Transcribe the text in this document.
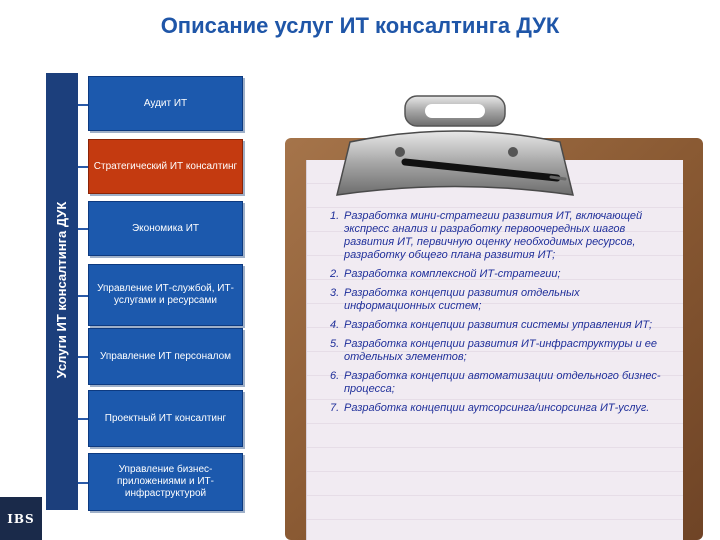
Описание услуг ИТ консалтинга ДУК
Услуги ИТ консалтинга ДУК
Аудит ИТ
Стратегический ИТ консалтинг
Экономика ИТ
Управление ИТ-службой, ИТ-услугами и ресурсами
Управление ИТ персоналом
Проектный ИТ консалтинг
Управление бизнес-приложениями и ИТ-инфраструктурой
1. Разработка мини-стратегии развития ИТ, включающей экспресс анализ и разработку первоочередных шагов развития ИТ, первичную оценку необходимых ресурсов, разработку общего плана развития ИТ;
2. Разработка комплексной ИТ-стратегии;
3. Разработка концепции развития отдельных информационных систем;
4. Разработка концепции развития системы управления ИТ;
5. Разработка концепции развития ИТ-инфраструктуры и ее отдельных элементов;
6. Разработка концепции автоматизации отдельного бизнес-процесса;
7. Разработка концепции аутсорсинга/инсорсинга ИТ-услуг.
IBS
